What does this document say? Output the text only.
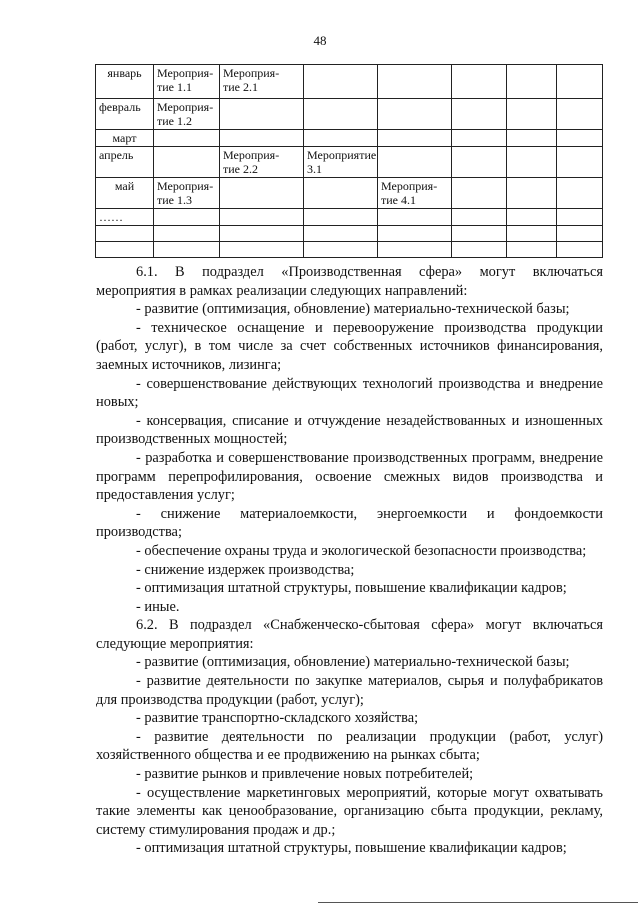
48
январь	Мероприя-
тие 1.1	Мероприя-
тие 2.1					
февраль	Мероприя-
тие 1.2						
март							
апрель		Мероприя-
тие 2.2	Мероприятие
3.1				
май	Мероприя-
тие 1.3			Мероприя-
тие 4.1			
……							

6.1. В подраздел «Производственная сфера» могут включаться мероприятия в рамках реализации следующих направлений:

- развитие (оптимизация, обновление) материально-технической базы;

- техническое оснащение и перевооружение производства продукции (работ, услуг), в том числе за счет собственных источников финансирования, заемных источников, лизинга;

- совершенствование действующих технологий производства и внедрение новых;

- консервация, списание и отчуждение незадействованных и изношенных производственных мощностей;

- разработка и совершенствование производственных программ, внедрение программ перепрофилирования, освоение смежных видов производства и предоставления услуг;

- снижение материалоемкости, энергоемкости и фондоемкости производства;

- обеспечение охраны труда и экологической безопасности производства;

- снижение издержек производства;

- оптимизация штатной структуры, повышение квалификации кадров;

- иные.

6.2. В подраздел «Снабженческо-сбытовая сфера» могут включаться следующие мероприятия:

- развитие (оптимизация, обновление) материально-технической базы;

- развитие деятельности по закупке материалов, сырья и полуфабрикатов для производства продукции (работ, услуг);

- развитие транспортно-складского хозяйства;

- развитие деятельности по реализации продукции (работ, услуг) хозяйственного общества и ее продвижению на рынках сбыта;

- развитие рынков и привлечение новых потребителей;

- осуществление маркетинговых мероприятий, которые могут охватывать такие элементы как ценообразование, организацию сбыта продукции, рекламу, систему стимулирования продаж и др.;

- оптимизация штатной структуры, повышение квалификации кадров;
